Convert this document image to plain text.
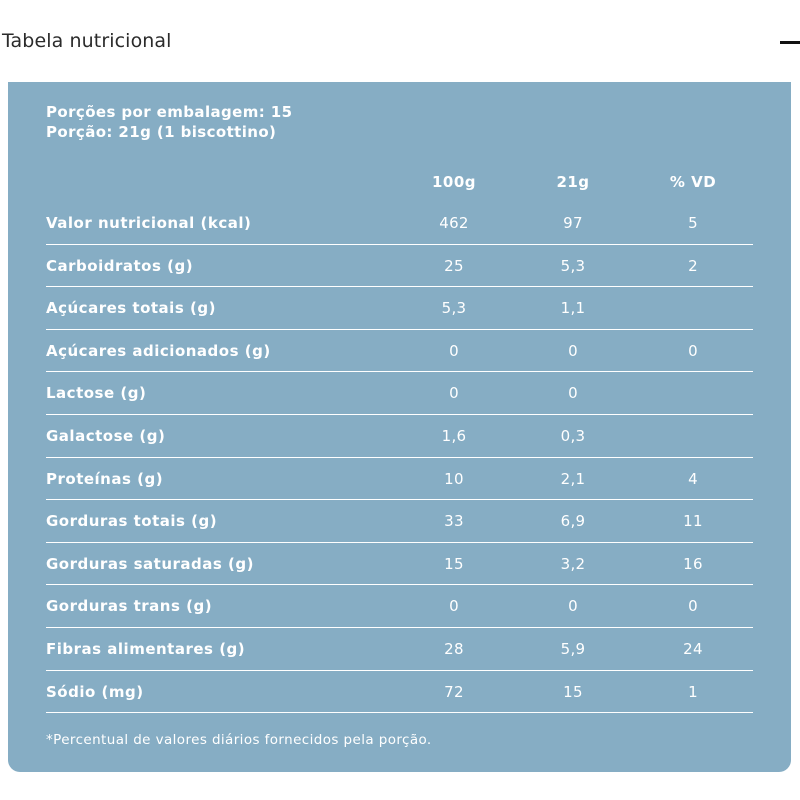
Tabela nutricional
Porções por embalagem: 15
Porção: 21g (1 biscottino)
100g	21g	% VD
Valor nutricional (kcal)	462	97	5
Carboidratos (g)	25	5,3	2
Açúcares totais (g)	5,3	1,1
Açúcares adicionados (g)	0	0	0
Lactose (g)	0	0
Galactose (g)	1,6	0,3
Proteínas (g)	10	2,1	4
Gorduras totais (g)	33	6,9	11
Gorduras saturadas (g)	15	3,2	16
Gorduras trans (g)	0	0	0
Fibras alimentares (g)	28	5,9	24
Sódio (mg)	72	15	1
*Percentual de valores diários fornecidos pela porção.
